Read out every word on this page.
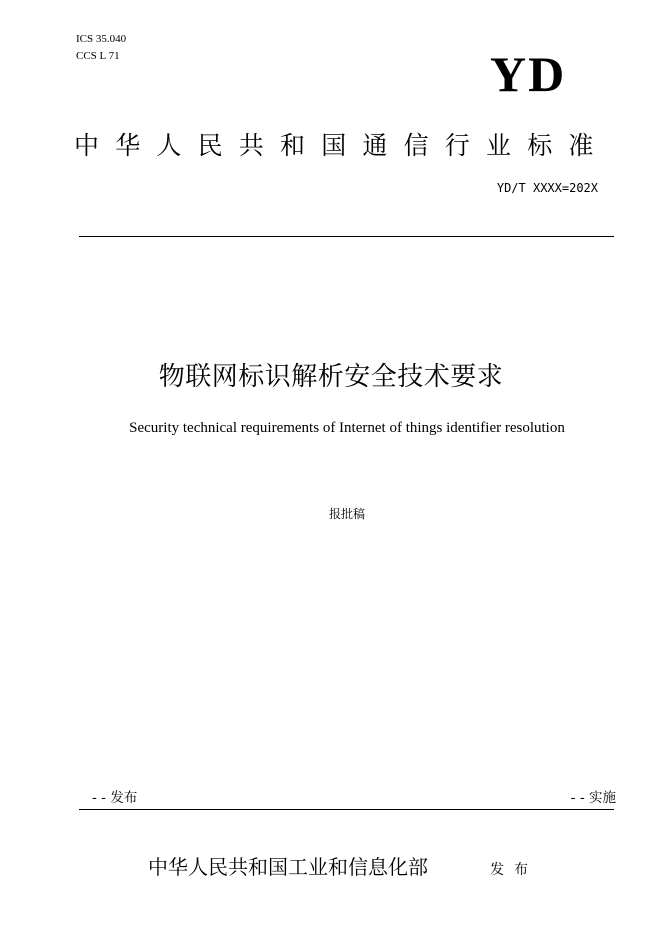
ICS 35.040
CCS L 71	YD
中华人民共和国通信行业标准
YD/T XXXX=202X
物联网标识解析安全技术要求
Security technical requirements of Internet of things identifier resolution
报批稿
- - 发布	- - 实施
中华人民共和国工业和信息化部	发布
